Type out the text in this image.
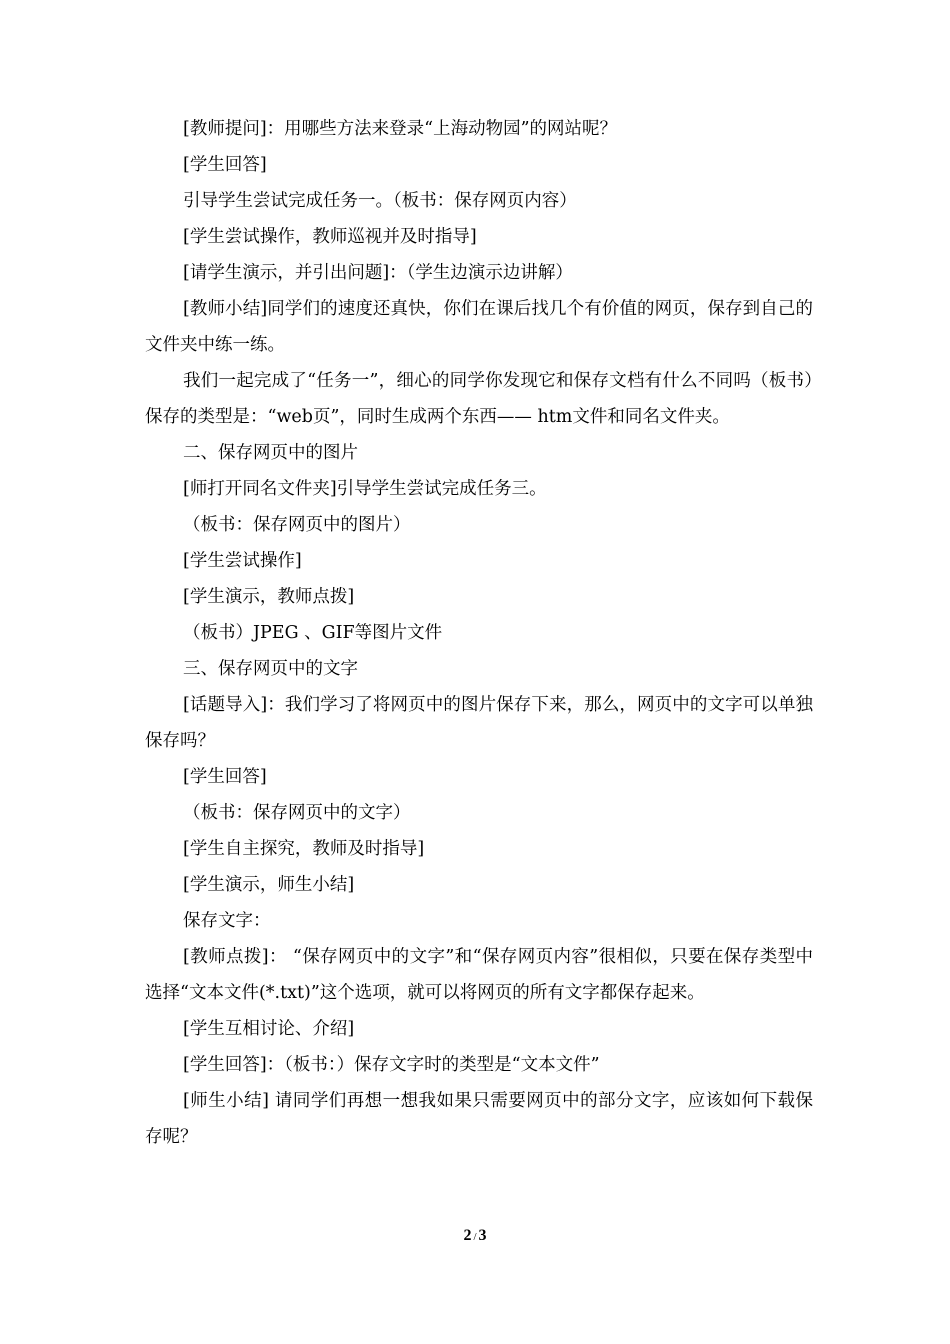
[教师提问]：用哪些方法来登录“上海动物园”的网站呢？

[学生回答]

引导学生尝试完成任务一。（板书：保存网页内容）

[学生尝试操作，教师巡视并及时指导]

[请学生演示，并引出问题]：（学生边演示边讲解）

[教师小结]同学们的速度还真快，你们在课后找几个有价值的网页，保存到自己的文件夹中练一练。

我们一起完成了“任务一”，细心的同学你发现它和保存文档有什么不同吗（板书）保存的类型是：“web页”，同时生成两个东西—— htm文件和同名文件夹。

二、保存网页中的图片

[师打开同名文件夹]引导学生尝试完成任务三。

（板书：保存网页中的图片）

[学生尝试操作]

[学生演示，教师点拨]

（板书）JPEG 、GIF等图片文件

三、保存网页中的文字

[话题导入]：我们学习了将网页中的图片保存下来，那么，网页中的文字可以单独保存吗？

[学生回答]

（板书：保存网页中的文字）

[学生自主探究，教师及时指导]

[学生演示，师生小结]

保存文字：

[教师点拨]： “保存网页中的文字”和“保存网页内容”很相似，只要在保存类型中选择“文本文件(*.txt)”这个选项，就可以将网页的所有文字都保存起来。

[学生互相讨论、介绍]

[学生回答]：（板书：）保存文字时的类型是“文本文件”

[师生小结] 请同学们再想一想我如果只需要网页中的部分文字，应该如何下载保存呢？

2 / 3
